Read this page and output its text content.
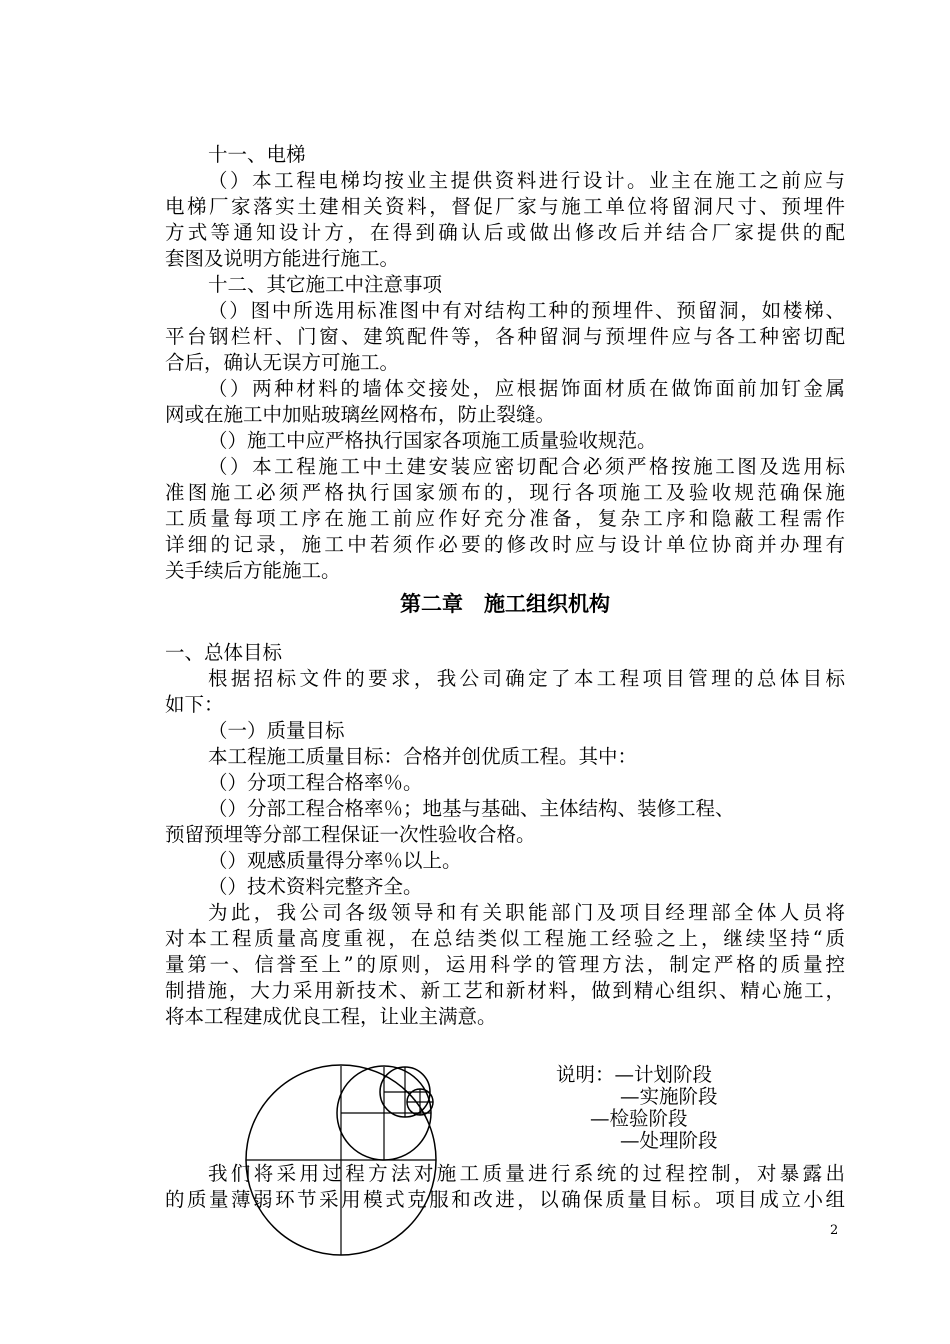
十一、电梯
（）本工程电梯均按业主提供资料进行设计。业主在施工之前应与
电梯厂家落实土建相关资料，督促厂家与施工单位将留洞尺寸、预埋件
方式等通知设计方，在得到确认后或做出修改后并结合厂家提供的配
套图及说明方能进行施工。
十二、其它施工中注意事项
（）图中所选用标准图中有对结构工种的预埋件、预留洞，如楼梯、
平台钢栏杆、门窗、建筑配件等，各种留洞与预埋件应与各工种密切配
合后，确认无误方可施工。
（）两种材料的墙体交接处，应根据饰面材质在做饰面前加钉金属
网或在施工中加贴玻璃丝网格布，防止裂缝。
（）施工中应严格执行国家各项施工质量验收规范。
（）本工程施工中土建安装应密切配合必须严格按施工图及选用标
准图施工必须严格执行国家颁布的，现行各项施工及验收规范确保施
工质量每项工序在施工前应作好充分准备，复杂工序和隐蔽工程需作
详细的记录，施工中若须作必要的修改时应与设计单位协商并办理有
关手续后方能施工。
第二章　施工组织机构
一、总体目标
根据招标文件的要求，我公司确定了本工程项目管理的总体目标
如下：
（一）质量目标
本工程施工质量目标：合格并创优质工程。其中：
（）分项工程合格率％。
（）分部工程合格率％；地基与基础、主体结构、装修工程、
预留预埋等分部工程保证一次性验收合格。
（）观感质量得分率％以上。
（）技术资料完整齐全。
为此，我公司各级领导和有关职能部门及项目经理部全体人员将
对本工程质量高度重视，在总结类似工程施工经验之上，继续坚持“质
量第一、信誉至上”的原则，运用科学的管理方法，制定严格的质量控
制措施，大力采用新技术、新工艺和新材料，做到精心组织、精心施工，
将本工程建成优良工程，让业主满意。
说明：—计划阶段
—实施阶段
—检验阶段
—处理阶段
我们将采用过程方法对施工质量进行系统的过程控制，对暴露出
的质量薄弱环节采用模式克服和改进，以确保质量目标。项目成立小组
2
